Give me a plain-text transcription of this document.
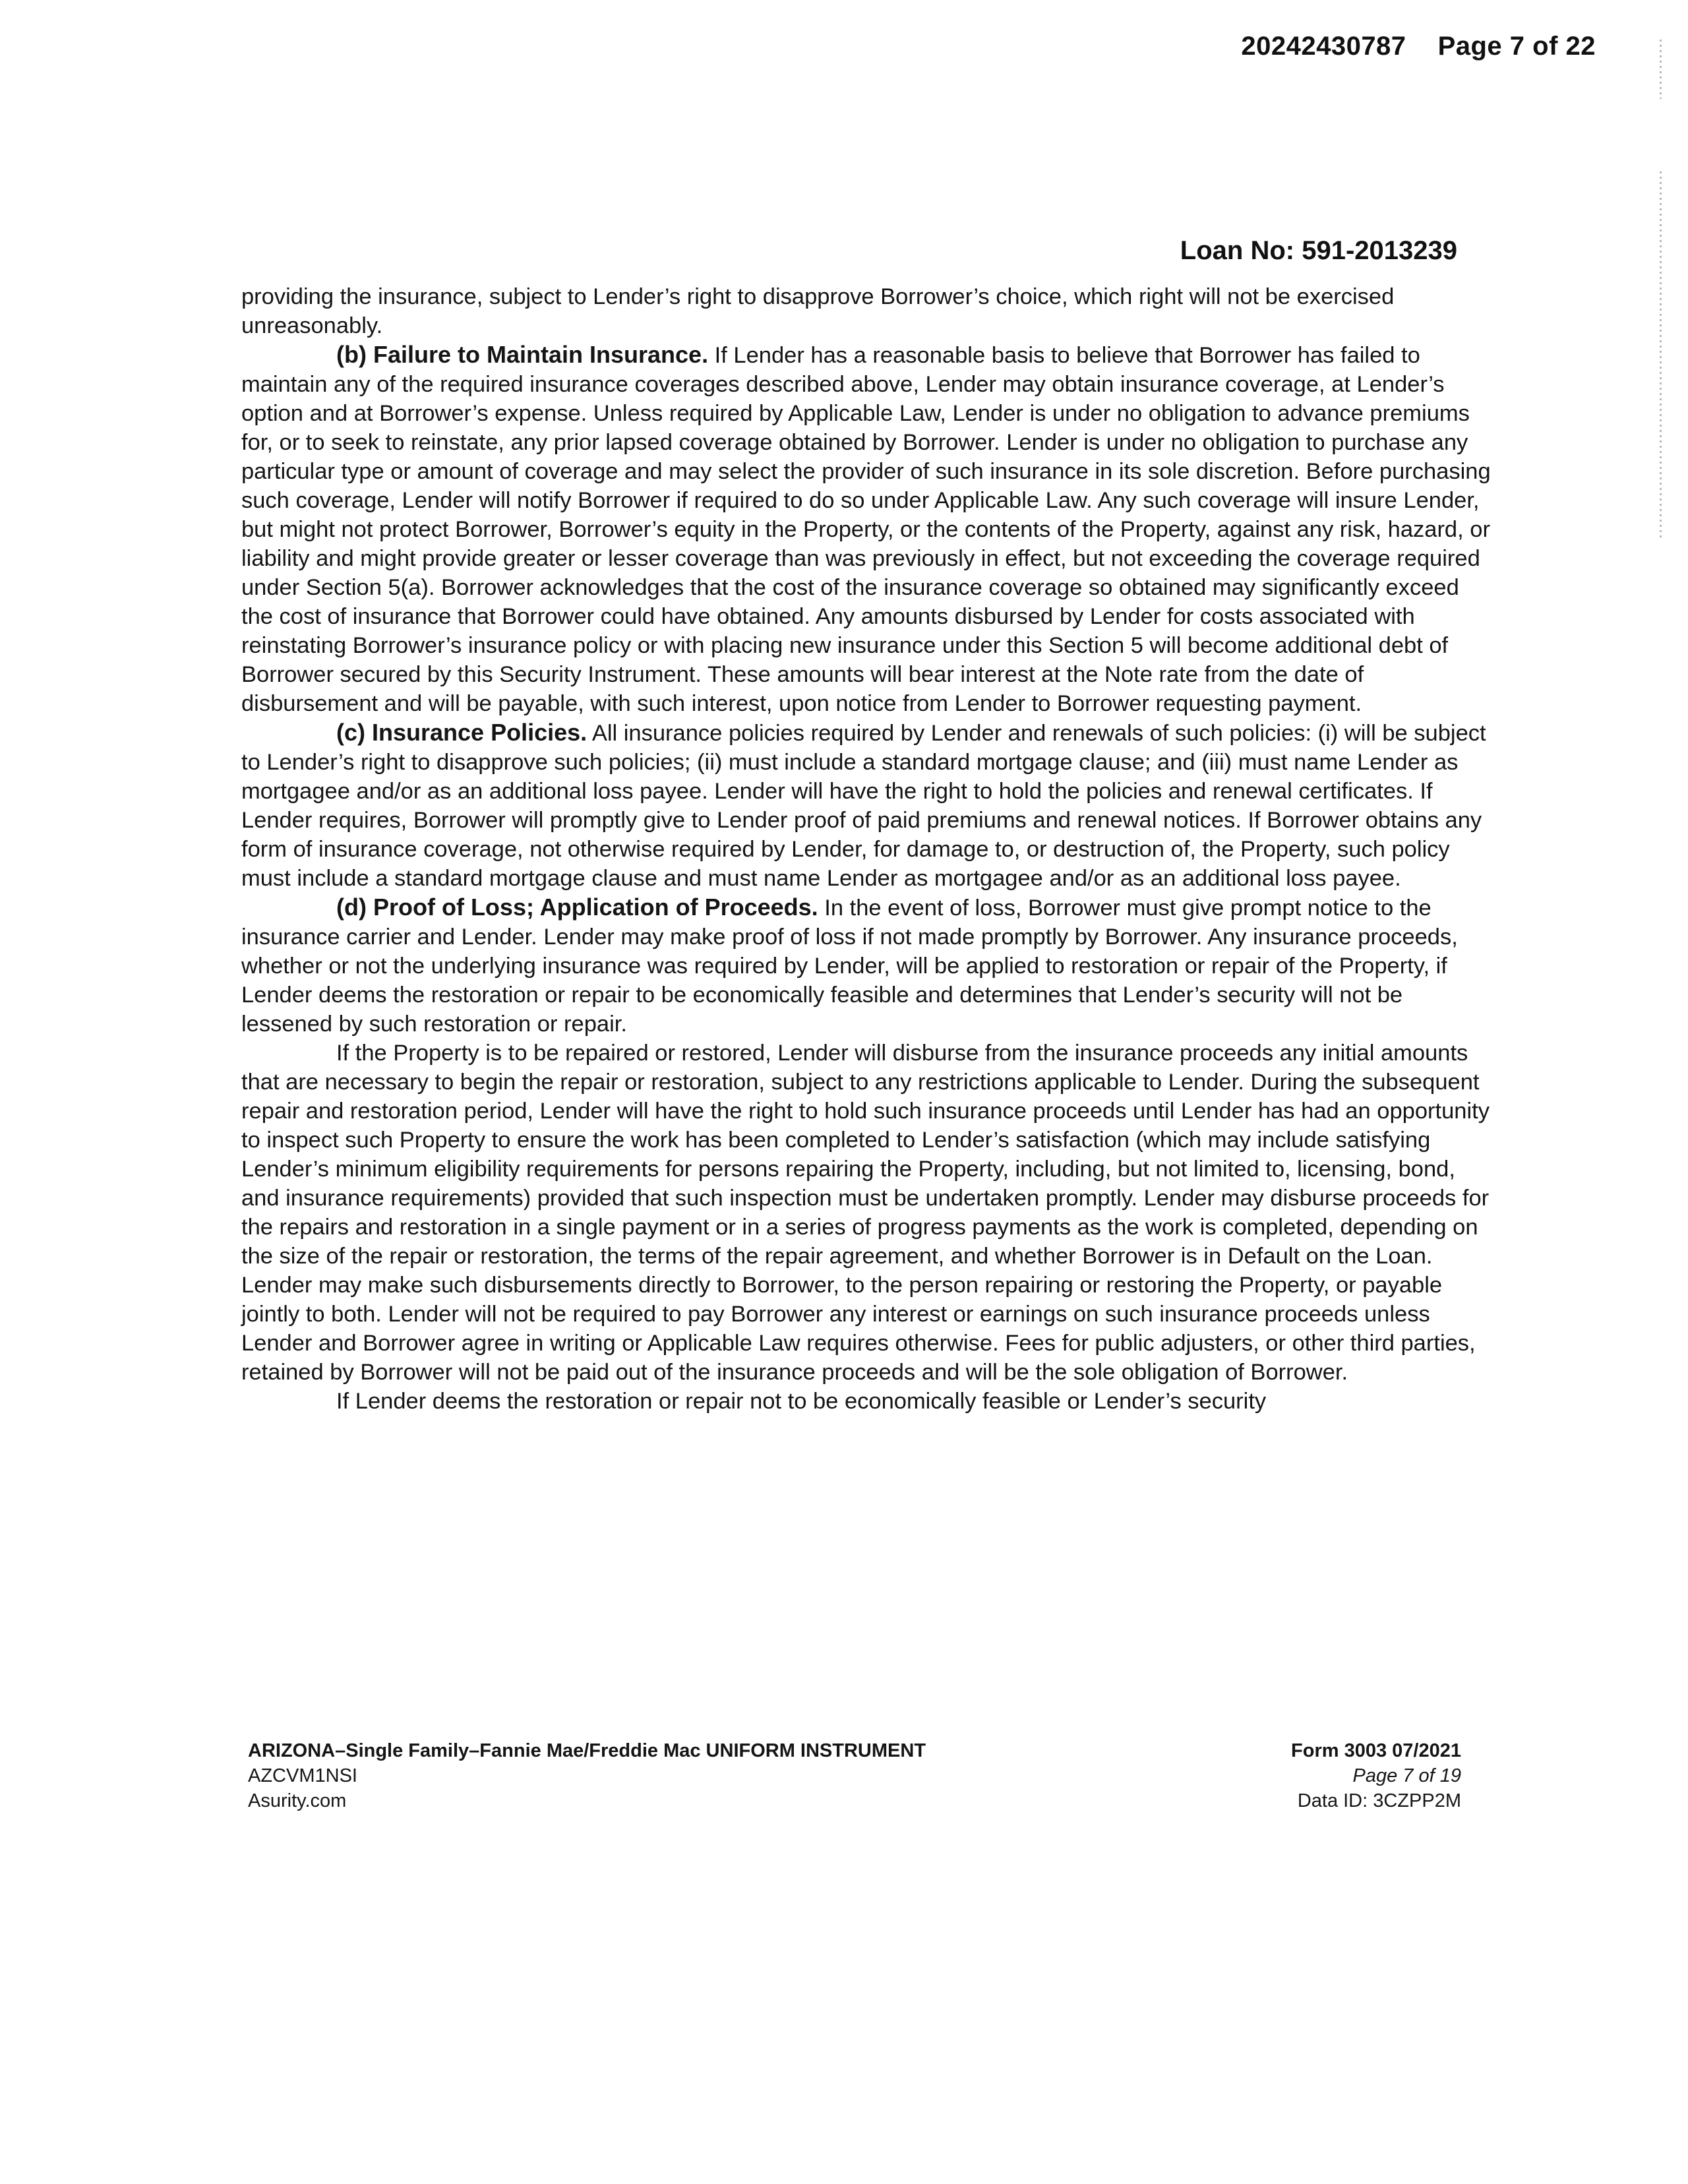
20242430787 Page 7 of 22
Loan No: 591-2013239

providing the insurance, subject to Lender’s right to disapprove Borrower’s choice, which right will not be exercised unreasonably.

(b) Failure to Maintain Insurance. If Lender has a reasonable basis to believe that Borrower has failed to maintain any of the required insurance coverages described above, Lender may obtain insurance coverage, at Lender’s option and at Borrower’s expense. Unless required by Applicable Law, Lender is under no obligation to advance premiums for, or to seek to reinstate, any prior lapsed coverage obtained by Borrower. Lender is under no obligation to purchase any particular type or amount of coverage and may select the provider of such insurance in its sole discretion. Before purchasing such coverage, Lender will notify Borrower if required to do so under Applicable Law. Any such coverage will insure Lender, but might not protect Borrower, Borrower’s equity in the Property, or the contents of the Property, against any risk, hazard, or liability and might provide greater or lesser coverage than was previously in effect, but not exceeding the coverage required under Section 5(a). Borrower acknowledges that the cost of the insurance coverage so obtained may significantly exceed the cost of insurance that Borrower could have obtained. Any amounts disbursed by Lender for costs associated with reinstating Borrower’s insurance policy or with placing new insurance under this Section 5 will become additional debt of Borrower secured by this Security Instrument. These amounts will bear interest at the Note rate from the date of disbursement and will be payable, with such interest, upon notice from Lender to Borrower requesting payment.

(c) Insurance Policies. All insurance policies required by Lender and renewals of such policies: (i) will be subject to Lender’s right to disapprove such policies; (ii) must include a standard mortgage clause; and (iii) must name Lender as mortgagee and/or as an additional loss payee. Lender will have the right to hold the policies and renewal certificates. If Lender requires, Borrower will promptly give to Lender proof of paid premiums and renewal notices. If Borrower obtains any form of insurance coverage, not otherwise required by Lender, for damage to, or destruction of, the Property, such policy must include a standard mortgage clause and must name Lender as mortgagee and/or as an additional loss payee.

(d) Proof of Loss; Application of Proceeds. In the event of loss, Borrower must give prompt notice to the insurance carrier and Lender. Lender may make proof of loss if not made promptly by Borrower. Any insurance proceeds, whether or not the underlying insurance was required by Lender, will be applied to restoration or repair of the Property, if Lender deems the restoration or repair to be economically feasible and determines that Lender’s security will not be lessened by such restoration or repair.

If the Property is to be repaired or restored, Lender will disburse from the insurance proceeds any initial amounts that are necessary to begin the repair or restoration, subject to any restrictions applicable to Lender. During the subsequent repair and restoration period, Lender will have the right to hold such insurance proceeds until Lender has had an opportunity to inspect such Property to ensure the work has been completed to Lender’s satisfaction (which may include satisfying Lender’s minimum eligibility requirements for persons repairing the Property, including, but not limited to, licensing, bond, and insurance requirements) provided that such inspection must be undertaken promptly. Lender may disburse proceeds for the repairs and restoration in a single payment or in a series of progress payments as the work is completed, depending on the size of the repair or restoration, the terms of the repair agreement, and whether Borrower is in Default on the Loan. Lender may make such disbursements directly to Borrower, to the person repairing or restoring the Property, or payable jointly to both. Lender will not be required to pay Borrower any interest or earnings on such insurance proceeds unless Lender and Borrower agree in writing or Applicable Law requires otherwise. Fees for public adjusters, or other third parties, retained by Borrower will not be paid out of the insurance proceeds and will be the sole obligation of Borrower.

If Lender deems the restoration or repair not to be economically feasible or Lender’s security

ARIZONA–Single Family–Fannie Mae/Freddie Mac UNIFORM INSTRUMENT
AZCVM1NSI
Asurity.com
Form 3003 07/2021
Page 7 of 19
Data ID: 3CZPP2M
